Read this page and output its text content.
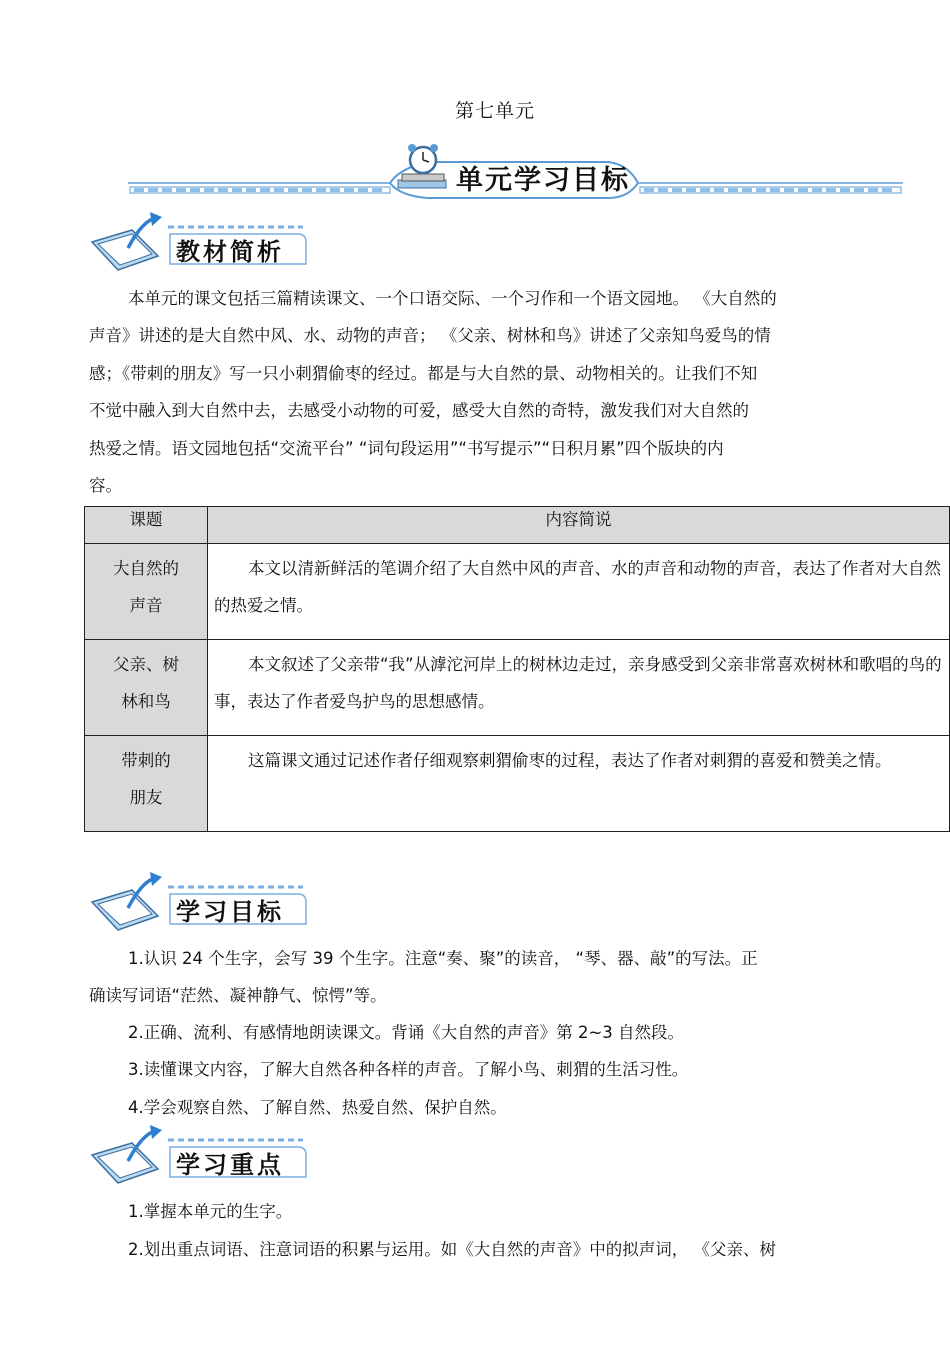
第七单元
单元学习目标
教材简析
本单元的课文包括三篇精读课文、一个口语交际、一个习作和一个语文园地。 《大自然的
声音》讲述的是大自然中风、水、动物的声音； 《父亲、树林和鸟》讲述了父亲知鸟爱鸟的情
感；《带刺的朋友》写一只小刺猬偷枣的经过。都是与大自然的景、动物相关的。让我们不知
不觉中融入到大自然中去，去感受小动物的可爱，感受大自然的奇特，激发我们对大自然的
热爱之情。语文园地包括“交流平台” “词句段运用”“书写提示”“日积月累”四个版块的内
容。
课题	内容简说

大自然的
声音	本文以清新鲜活的笔调介绍了大自然中风的声音、水的声音和动物的声音，表达了作者对大自然的热爱之情。

父亲、树
林和鸟	本文叙述了父亲带“我”从滹沱河岸上的树林边走过，亲身感受到父亲非常喜欢树林和歌唱的鸟的事，表达了作者爱鸟护鸟的思想感情。

带刺的
朋友	这篇课文通过记述作者仔细观察刺猬偷枣的过程，表达了作者对刺猬的喜爱和赞美之情。
学习目标
1.认识 24 个生字，会写 39 个生字。注意“奏、聚”的读音， “琴、器、敲”的写法。正
确读写词语“茫然、凝神静气、惊愕”等。
2.正确、流利、有感情地朗读课文。背诵《大自然的声音》第 2~3 自然段。
3.读懂课文内容，了解大自然各种各样的声音。了解小鸟、刺猬的生活习性。
4.学会观察自然、了解自然、热爱自然、保护自然。
学习重点
1.掌握本单元的生字。
2.划出重点词语、注意词语的积累与运用。如《大自然的声音》中的拟声词， 《父亲、树
